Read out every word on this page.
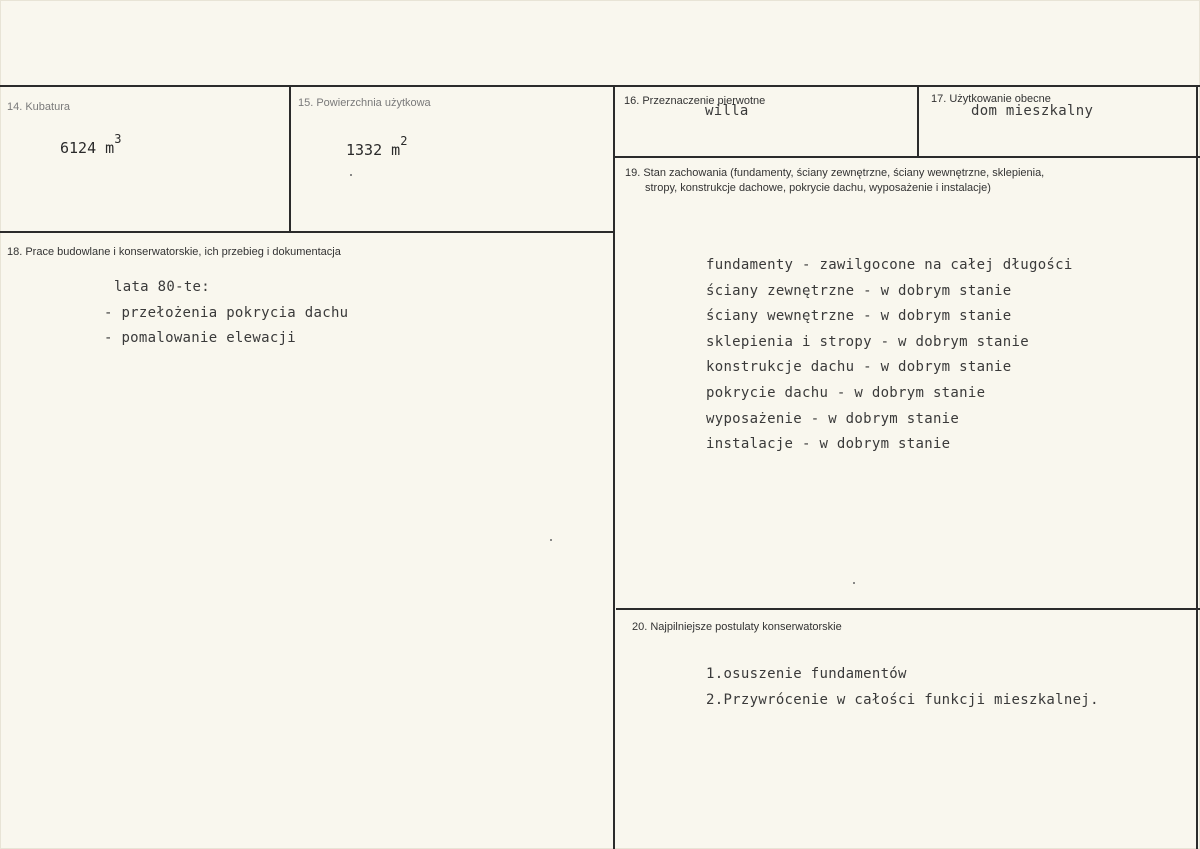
14. Kubatura
6124 $m^3$
15. Powierzchnia użytkowa
1332 $m^2$
16. Przeznaczenie pierwotne
willa
17. Użytkowanie obecne
dom mieszkalny
18. Prace budowlane i konserwatorskie, ich przebieg i dokumentacja
lata 80-te:
- przełożenia pokrycia dachu
- pomalowanie elewacji
19. Stan zachowania (fundamenty, ściany zewnętrzne, ściany wewnętrzne, sklepienia,
stropy, konstrukcje dachowe, pokrycie dachu, wyposażenie i instalacje)
fundamenty - zawilgocone na całej długości
ściany zewnętrzne - w dobrym stanie
ściany wewnętrzne - w dobrym stanie
sklepienia i stropy - w dobrym stanie
konstrukcje dachu - w dobrym stanie
pokrycie dachu - w dobrym stanie
wyposażenie - w dobrym stanie
instalacje - w dobrym stanie
20. Najpilniejsze postulaty konserwatorskie
1.osuszenie fundamentów
2.Przywrócenie w całości funkcji mieszkalnej.
